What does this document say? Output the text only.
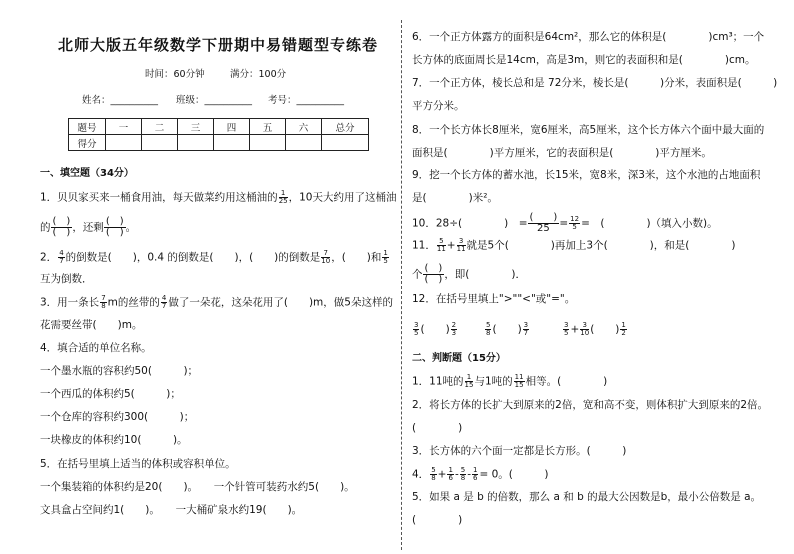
北师大版五年级数学下册期中易错题型专练卷
时间：60分钟	满分：100分
姓名：__________ 班级：__________ 考号：__________
题号	一	二	三	四	五	六	总分
得分							
一、填空题（34分）
1．贝贝家买来一桶食用油，每天做菜约用这桶油的 $\frac{1}{25}$ ，10天大约用了这桶油
的 $\frac{( )}{( )}$ ，还剩 $\frac{( )}{( )}$ 。
2． $\frac{4}{7}$ 的倒数是(　　)，0.4 的倒数是(　　)，(　　)的倒数是 $\frac{7}{10}$ ，(　　)和 $\frac{1}{5}$
互为倒数．
3．用一条长 $\frac{7}{8}$ m的丝带的 $\frac{4}{7}$ 做了一朵花，这朵花用了(　　)m，做5朵这样的
花需要丝带(　　)m。
4．填合适的单位名称。
一个墨水瓶的容积约50(　　　)；
一个西瓜的体积约5(　　　)；
一个仓库的容积约300(　　　)；
一块橡皮的体积约10(　　　)。
5．在括号里填上适当的体积或容积单位。
一个集装箱的体积约是20(　　)。　　一个针管可装药水约5(　　)。
文具盒占空间约1(　　)。　　一大桶矿泉水约19(　　)。
6．一个正方体露方的面积是64cm²，那么它的体积是(　　　　)cm³；一个
长方体的底面周长是14cm，高是3m，则它的表面积和是(　　　　)cm。
7．一个正方体，棱长总和是 72分米，棱长是(　　　)分米，表面积是(　　　)
平方分米。
8．一个长方体长8厘米，宽6厘米，高5厘米，这个长方体六个面中最大面的
面积是(　　　　)平方厘米，它的表面积是(　　　　)平方厘米。
9．挖一个长方体的蓄水池，长15米，宽8米，深3米，这个水池的占地面积
是(　　　　)米²。
10．28÷(　　　　)　= $\frac{( )}{25} = \frac{12}{5}$ =　(　　　　)（填入小数)。
11． $\frac{5}{11} + \frac{3}{11}$ 就是5个(　　　　)再加上3个(　　　　)，和是(　　　　)
个 $\frac{( )}{( )}$ ，即(　　　　)．
12．在括号里填上">""<"或"="。
$\frac{3}{5}$ (　　) $\frac{2}{3}$	$\frac{5}{8}$ (　　) $\frac{3}{7}$	$\frac{3}{5} + \frac{3}{10}$ (　　) $\frac{1}{2}$
二、判断题（15分）
1．11吨的 $\frac{1}{15}$ 与1吨的 $\frac{11}{15}$ 相等。(　　　　)
2．将长方体的长扩大到原来的2倍，宽和高不变，则体积扩大到原来的2倍。
(　　　　)
3．长方体的六个面一定都是长方形。(　　　)
4． $\frac{5}{8} + \frac{1}{6} - \frac{5}{8} - \frac{1}{6} = 0$。(　　　)
5．如果 a 是 b 的倍数，那么 a 和 b 的最大公因数是b，最小公倍数是 a。
(　　　　)
